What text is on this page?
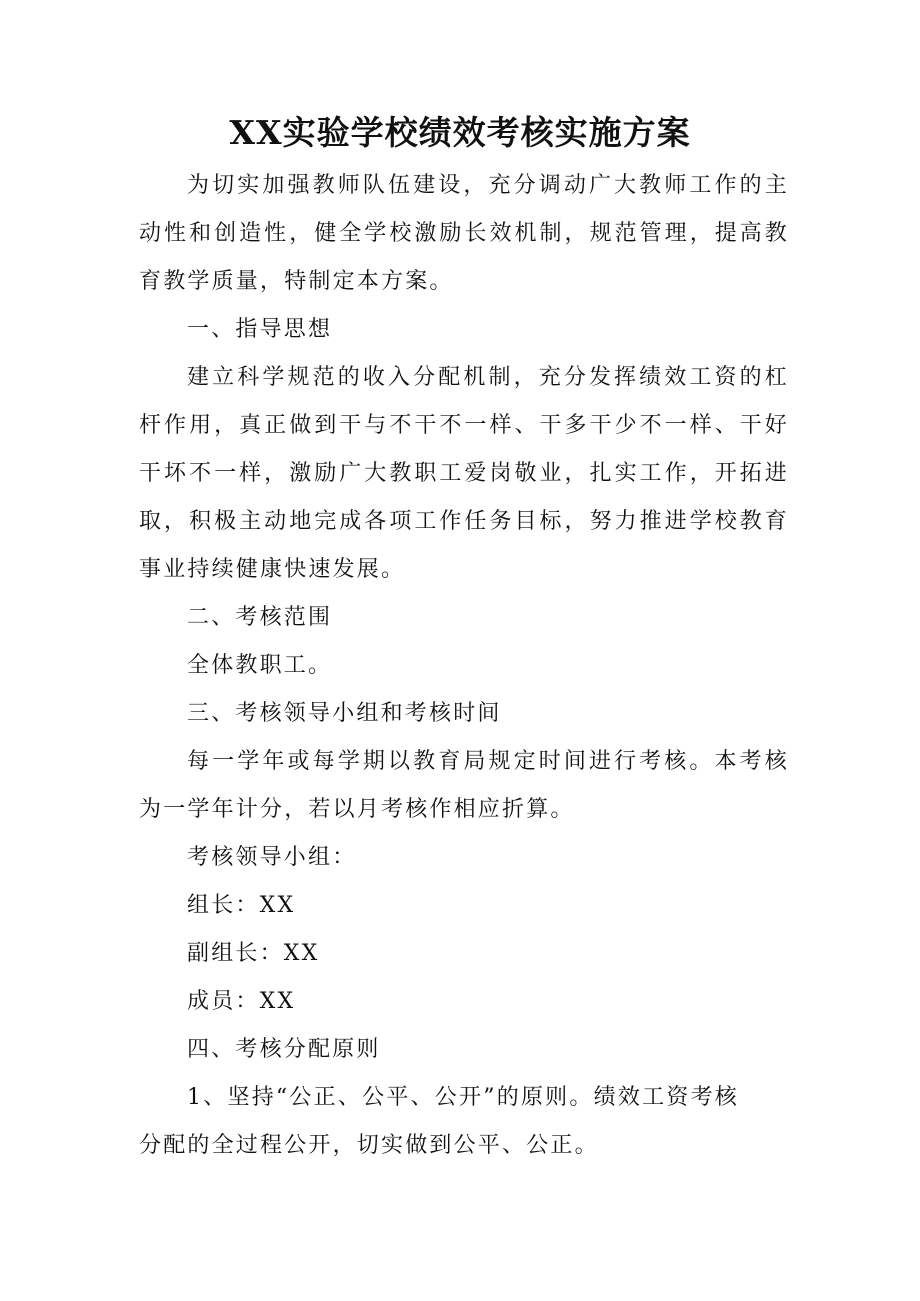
XX实验学校绩效考核实施方案

为切实加强教师队伍建设，充分调动广大教师工作的主动性和创造性，健全学校激励长效机制，规范管理，提高教育教学质量，特制定本方案。

一、指导思想

建立科学规范的收入分配机制，充分发挥绩效工资的杠杆作用，真正做到干与不干不一样、干多干少不一样、干好干坏不一样，激励广大教职工爱岗敬业，扎实工作，开拓进取，积极主动地完成各项工作任务目标，努力推进学校教育事业持续健康快速发展。

二、考核范围

全体教职工。

三、考核领导小组和考核时间

每一学年或每学期以教育局规定时间进行考核。本考核为一学年计分，若以月考核作相应折算。

考核领导小组：

组长：XX

副组长：XX

成员：XX

四、考核分配原则

1、坚持“公正、公平、公开”的原则。绩效工资考核分配的全过程公开，切实做到公平、公正。
